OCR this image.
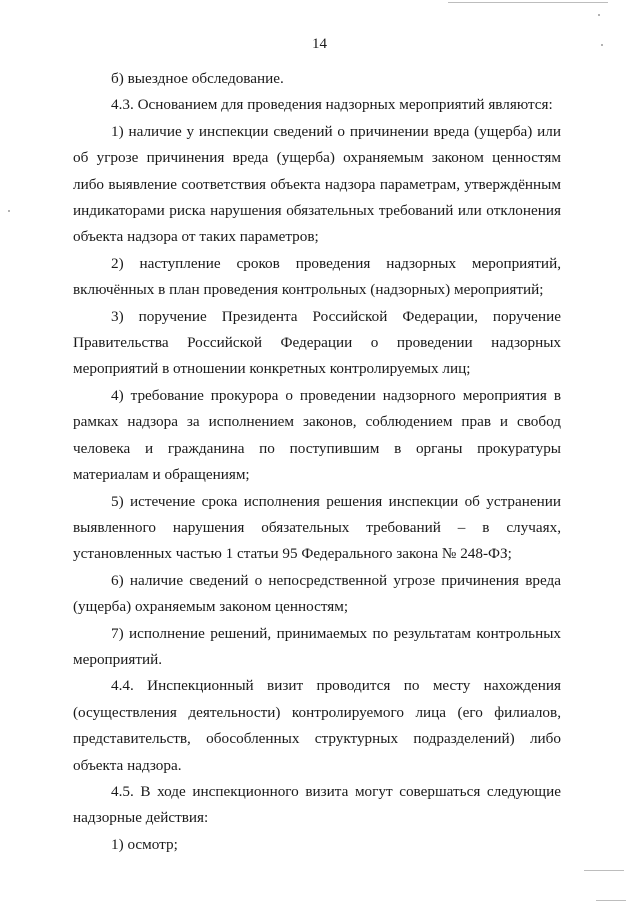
14

б) выездное обследование.

4.3. Основанием для проведения надзорных мероприятий являются:

1) наличие у инспекции сведений о причинении вреда (ущерба) или об угрозе причинения вреда (ущерба) охраняемым законом ценностям либо выявление соответствия объекта надзора параметрам, утверждённым индикаторами риска нарушения обязательных требований или отклонения объекта надзора от таких параметров;

2) наступление сроков проведения надзорных мероприятий, включённых в план проведения контрольных (надзорных) мероприятий;

3) поручение Президента Российской Федерации, поручение Правительства Российской Федерации о проведении надзорных мероприятий в отношении конкретных контролируемых лиц;

4) требование прокурора о проведении надзорного мероприятия в рамках надзора за исполнением законов, соблюдением прав и свобод человека и гражданина по поступившим в органы прокуратуры материалам и обращениям;

5) истечение срока исполнения решения инспекции об устранении выявленного нарушения обязательных требований – в случаях, установленных частью 1 статьи 95 Федерального закона № 248-ФЗ;

6) наличие сведений о непосредственной угрозе причинения вреда (ущерба) охраняемым законом ценностям;

7) исполнение решений, принимаемых по результатам контрольных мероприятий.

4.4. Инспекционный визит проводится по месту нахождения (осуществления деятельности) контролируемого лица (его филиалов, представительств, обособленных структурных подразделений) либо объекта надзора.

4.5. В ходе инспекционного визита могут совершаться следующие надзорные действия:

1) осмотр;
